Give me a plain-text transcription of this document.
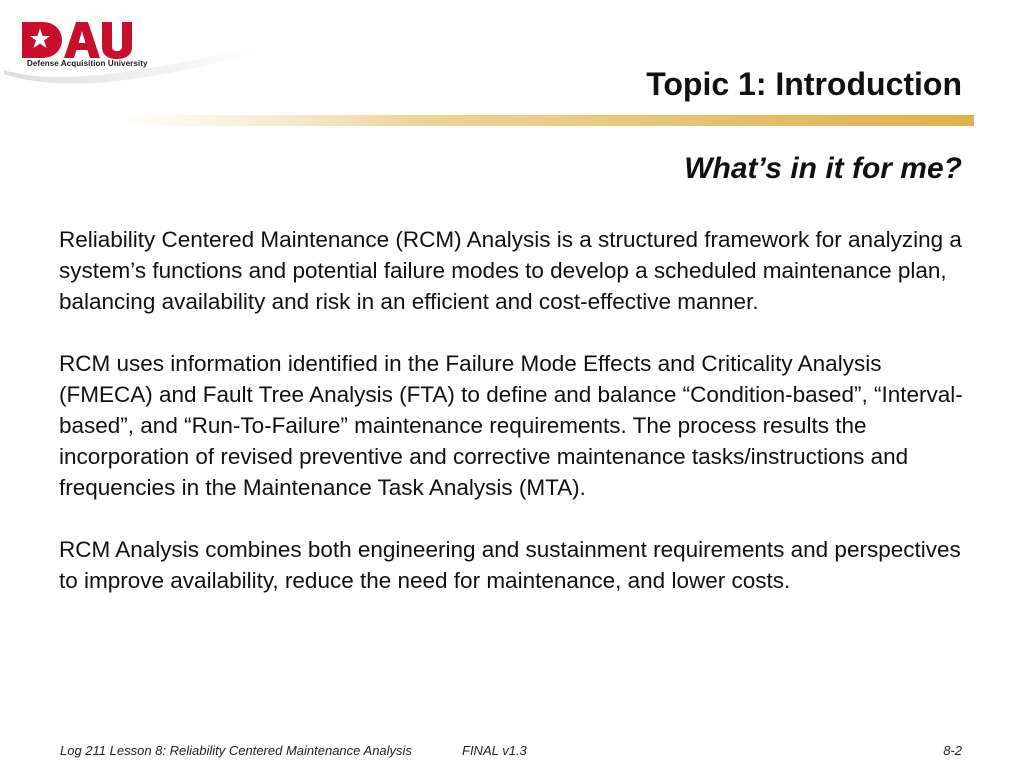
Defense Acquisition University
Topic 1: Introduction
What’s in it for me?

Reliability Centered Maintenance (RCM) Analysis is a structured framework for analyzing a system’s functions and potential failure modes to develop a scheduled maintenance plan, balancing availability and risk in an efficient and cost-effective manner.

RCM uses information identified in the Failure Mode Effects and Criticality Analysis (FMECA) and Fault Tree Analysis (FTA) to define and balance “Condition-based”, “Interval-based”, and “Run-To-Failure” maintenance requirements. The process results the incorporation of revised preventive and corrective maintenance tasks/instructions and frequencies in the Maintenance Task Analysis (MTA).

RCM Analysis combines both engineering and sustainment requirements and perspectives to improve availability, reduce the need for maintenance, and lower costs.

Log 211 Lesson 8: Reliability Centered Maintenance Analysis	FINAL v1.3	8-2
